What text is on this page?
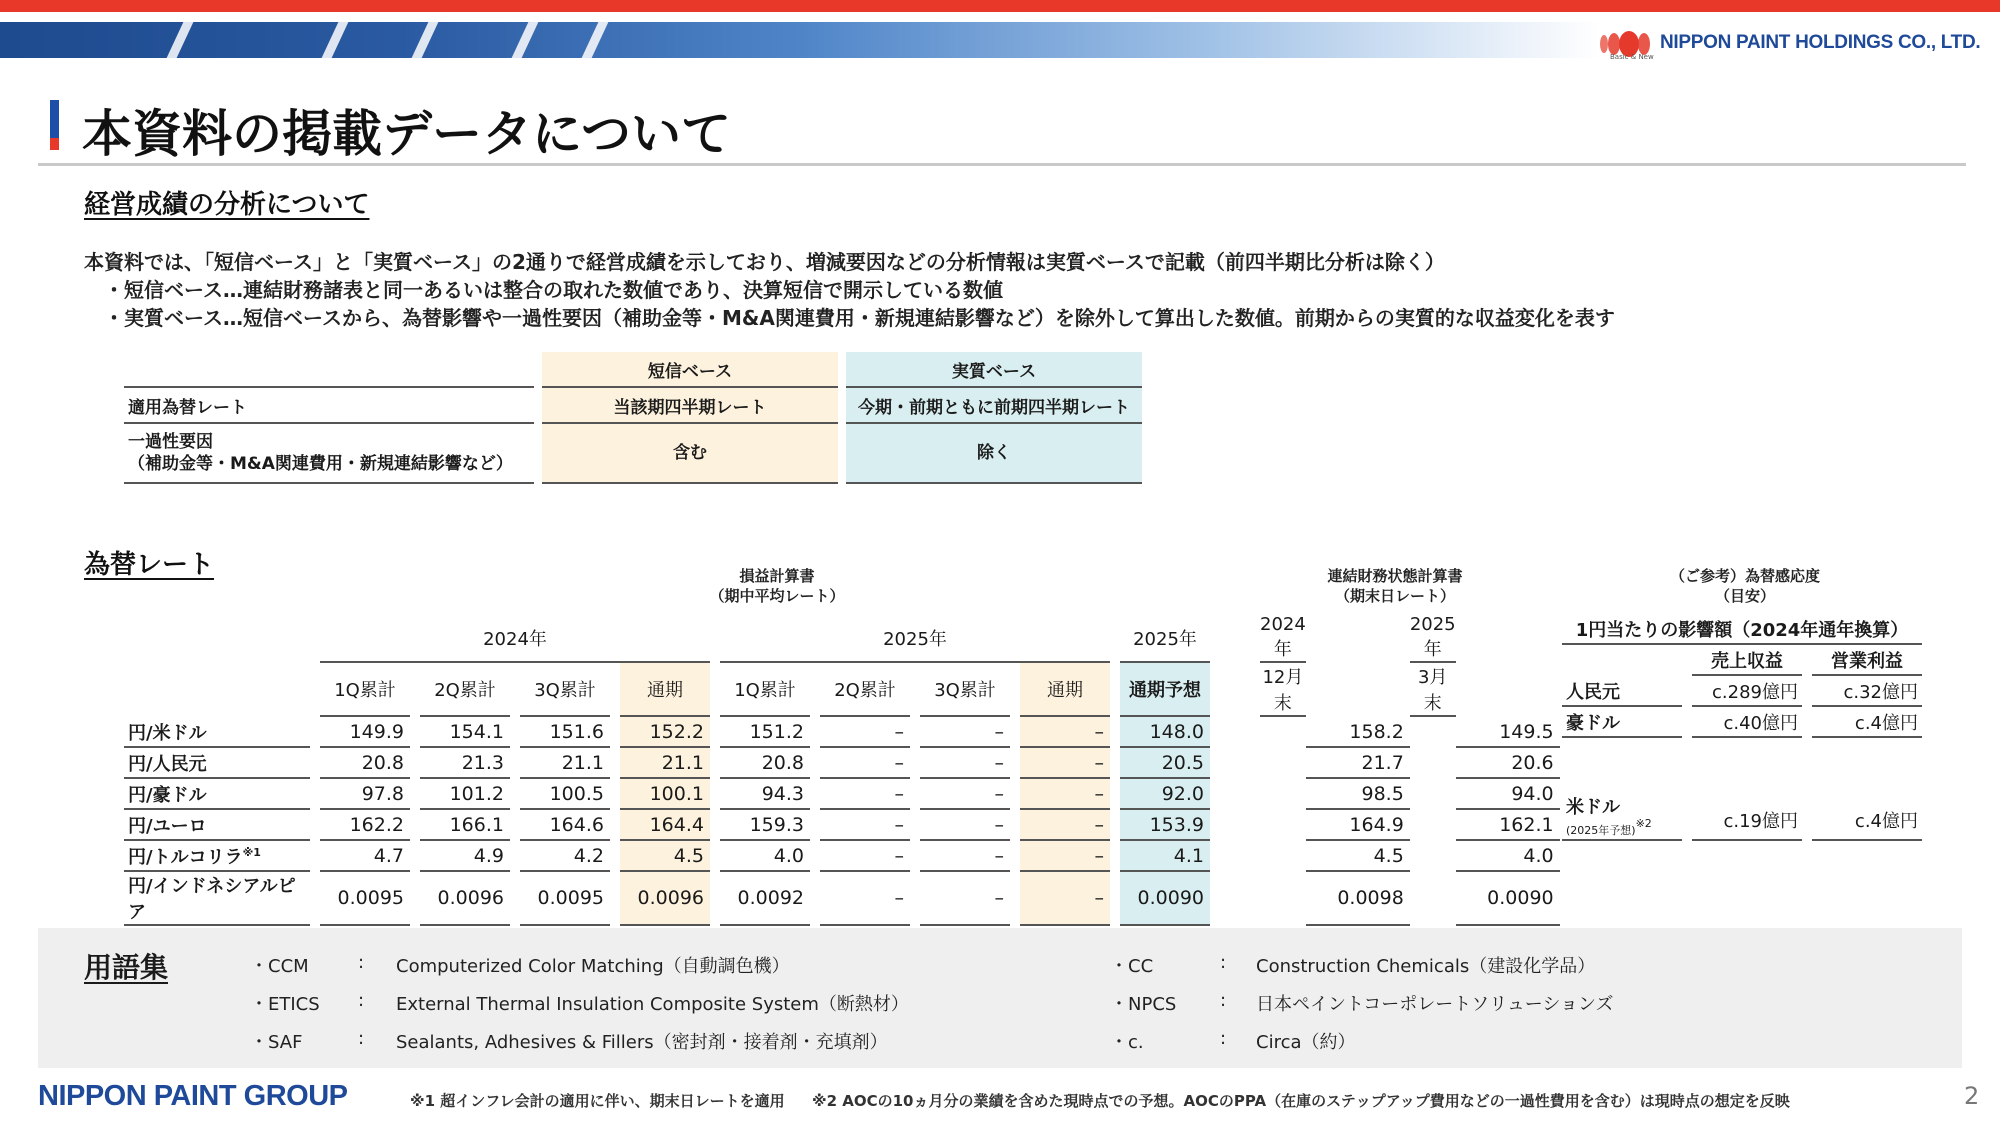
NIPPON PAINT HOLDINGS CO., LTD.
Basic & New
本資料の掲載データについて
経営成績の分析について
本資料では、「短信ベース」と「実質ベース」の2通りで経営成績を示しており、増減要因などの分析情報は実質ベースで記載（前四半期比分析は除く）
・短信ベース…連結財務諸表と同一あるいは整合の取れた数値であり、決算短信で開示している数値
・実質ベース…短信ベースから、為替影響や一過性要因（補助金等・M&A関連費用・新規連結影響など）を除外して算出した数値。前期からの実質的な収益変化を表す
		短信ベース		実質ベース
適用為替レート		当該期四半期レート		今期・前期ともに前期四半期レート

一過性要因
（補助金等・M&A関連費用・新規連結影響など）		含む		除く
為替レート	損益計算書
（期中平均レート）
連結財務状態計算書
（期末日レート）
（ご参考）為替感応度
（目安）
		2024年								2025年								2025年		2024年		2025年	
		1Q累計		2Q累計		3Q累計		通期		1Q累計		2Q累計		3Q累計		通期		通期予想		12月末		3月末	
円/米ドル		149.9		154.1		151.6		152.2		151.2		–		–		–		148.0			158.2		149.5
円/人民元		20.8		21.3		21.1		21.1		20.8		–		–		–		20.5			21.7		20.6
円/豪ドル		97.8		101.2		100.5		100.1		94.3		–		–		–		92.0			98.5		94.0
円/ユーロ		162.2		166.1		164.6		164.4		159.3		–		–		–		153.9			164.9		162.1
円/トルコリラ$^{※1}$		4.7		4.9		4.2		4.5		4.0		–		–		–		4.1			4.5		4.0
円/インドネシアルピア		0.0095		0.0096		0.0095		0.0096		0.0092		–		–		–		0.0090			0.0098		0.0090
1円当たりの影響額（2024年通年換算）				
		売上収益		営業利益
人民元		c.289億円		c.32億円
豪ドル		c.40億円		c.4億円

米ドル
(2025年予想)$^{※2}$		c.19億円		c.4億円
用語集	・CCM	: Computerized Color Matching（自動調色機）
・ETICS : External Thermal Insulation Composite System（断熱材）
・SAF	: Sealants, Adhesives & Fillers（密封剤・接着剤・充填剤）
・CC	: Construction Chemicals（建設化学品）
・NPCS : 日本ペイントコーポレートソリューションズ
・c.	: Circa（約）
NIPPON PAINT GROUP	※1 超インフレ会計の適用に伴い、期末日レートを適用 ※2 AOCの10ヵ月分の業績を含めた現時点での予想。AOCのPPA（在庫のステップアップ費用などの一過性費用を含む）は現時点の想定を反映	2
